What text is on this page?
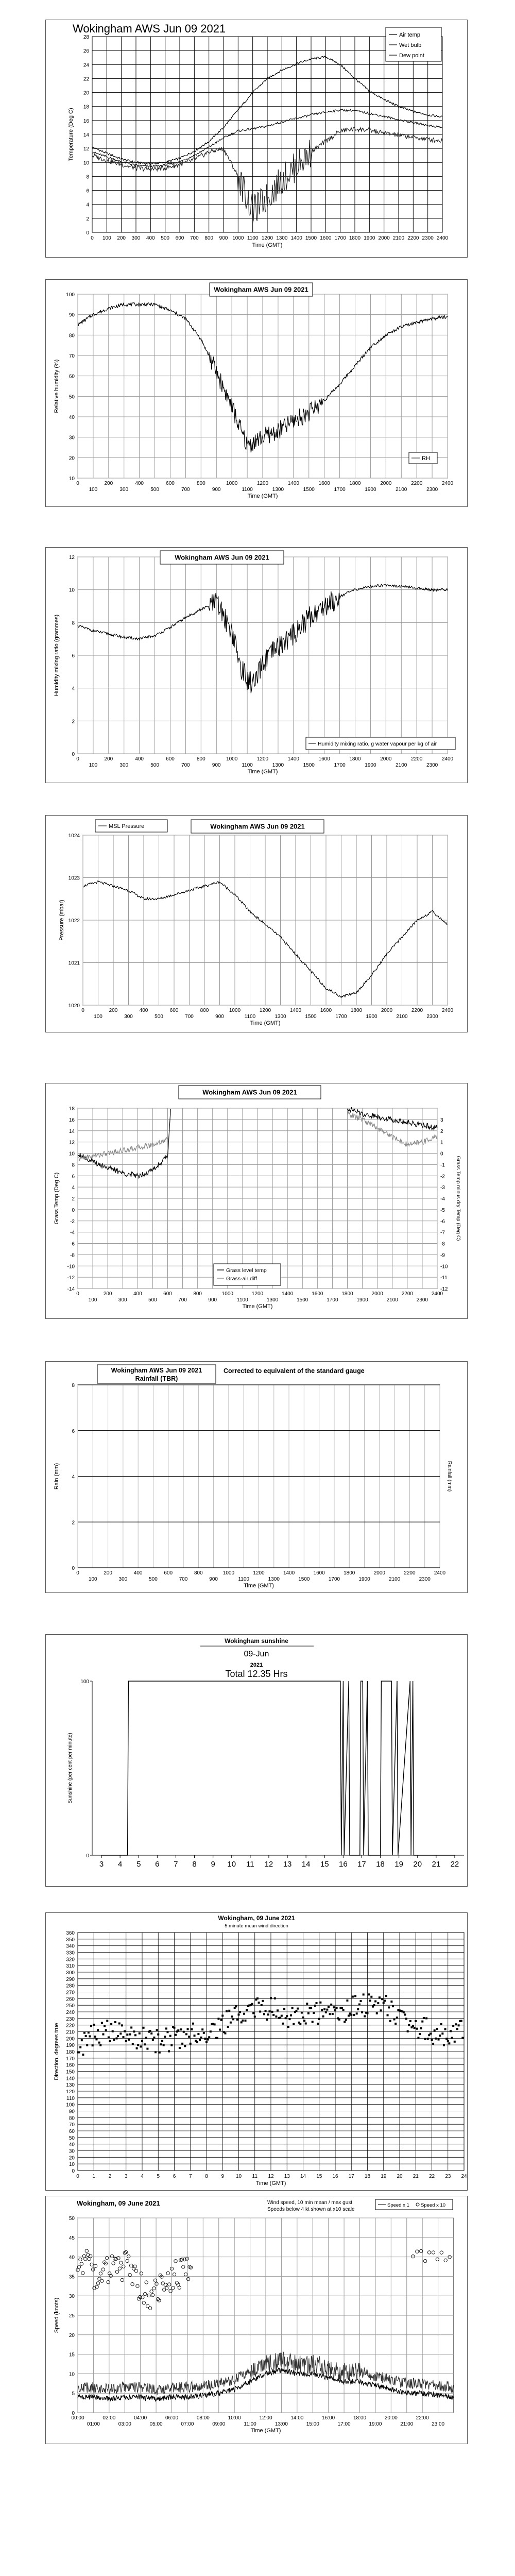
Wokingham AWS Jun 09 2021
0
2
4
6
8
10
12
14
16
18
20
22
24
26
28
0 100 200 300 400 500 600 700 800 900 1000 1100 1200 1300 1400 1500 1600 1700 1800 1900 2000 2100 2200 2300 2400
Time (GMT)
Temperature (Deg C)
Air temp
Wet bulb
Dew point
10
20
30
40
50
60
70
80
90
100
0	200	400	600	800	1000	1200	1400	1600	1800	2000	2200	2400
100	300	500	700	900	1100	1300	1500	1700	1900	2100	2300
Time (GMT)
Relative humidity (%)
Wokingham AWS Jun 09 2021
RH
0
2
4
6
8
10
12
0	200	400	600	800	1000	1200	1400	1600	1800	2000	2200	2400
100	300	500	700	900	1100	1300	1500	1700	1900	2100	2300
Time (GMT)
Humidity mixing ratio (grammes)
Wokingham AWS Jun 09 2021
Humidity mixing ratio, g water vapour per kg of air
1020
1021
1022
1023
1024
0	200	400	600	800	1000	1200	1400	1600	1800	2000	2200	2400
100	300	500	700	900	1100	1300	1500	1700	1900	2100	2300
Time (GMT)
Pressure (mbar)
Wokingham AWS Jun 09 2021
MSL Pressure
-14
-12
-10
-8
-6
-4
-2
0
2
4
6
8
10
12
14
16
18
0	200	400	600	800	1000	1200	1400	1600	1800	2000	2200	2400
100	300	500	700	900	1100	1300	1500	1700	1900	2100	2300
Time (GMT)
Grass Temp (Deg C)
-12
-11
-10
-9
-8
-7
-6
-5
-4
-3
-2
-1
0
1
2
3
Grass Temp minus dry Temp (Deg C)
Wokingham AWS Jun 09 2021
Grass level temp
Grass-air diff
0
2
4
6
8
0	200	400	600	800	1000	1200	1400	1600	1800	2000	2200	2400
100	300	500	700	900	1100	1300	1500	1700	1900	2100	2300
Time (GMT)
Rain (mm)	Rainfall (mm)
Wokingham AWS Jun 09 2021
Rainfall (TBR)
Corrected to equivalent of the standard gauge
Wokingham sunshine
09-Jun
2021
Total 12.35 Hrs
0
100
3 4 5 6 7 8 9 10 11 12 13 14 15 16 17 18 19 20 21 22
Sunshine (per cent per minute)
0
10
20
30
40
50
60
70
80
90
100
110
120
130
140
150
160
170
180
190
200
210
220
230
240
250
260
270
280
290
300
310
320
330
340
350
360
0	1	2	3	4	5	6	7	8	9 10 11 12 13 14 15 16 17 18 19 20 21 22 23 24
Time (GMT)
Direction, degrees true
Wokingham, 09 June 2021
5 minute mean wind direction
0
5
10
15
20
25
30
35
40
45
50
00:00	02:00	04:00	06:00	08:00	10:00	12:00	14:00	16:00	18:00	20:00	22:00
01:00	03:00	05:00	07:00	09:00	11:00	13:00	15:00	17:00	19:00	21:00	23:00
Time (GMT)
Speed (knots)
Wokingham, 09 June 2021	Wind speed, 10 min mean / max gust
Speeds below 4 kt shown at x10 scale
Speed x 1 Speed x 10
